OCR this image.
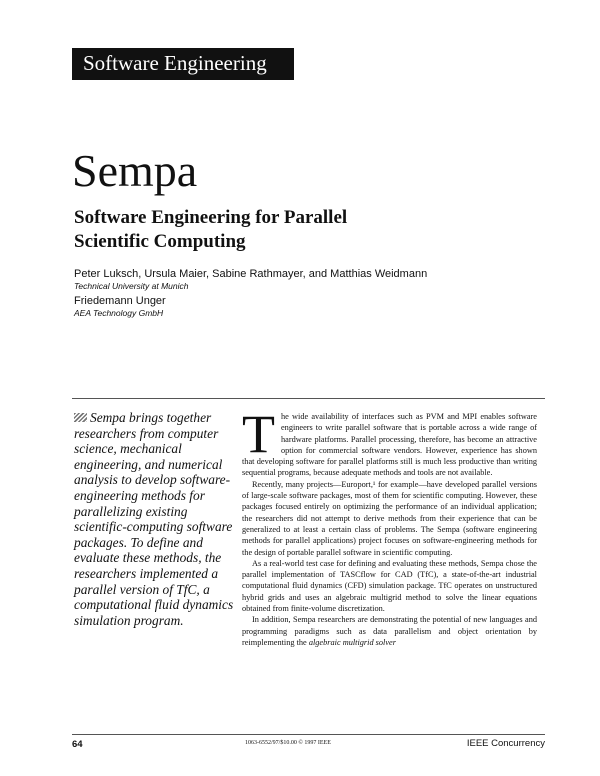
Software Engineering
Sempa
Software Engineering for Parallel Scientific Computing
Peter Luksch, Ursula Maier, Sabine Rathmayer, and Matthias Weidmann
Technical University at Munich
Friedemann Unger
AEA Technology GmbH
Sempa brings together researchers from computer science, mechanical engineering, and numerical analysis to develop software-engineering methods for parallelizing existing scientific-computing software packages. To define and evaluate these methods, the researchers implemented a parallel version of TfC, a computational fluid dynamics simulation program.

The wide availability of interfaces such as PVM and MPI enables software engineers to write parallel software that is portable across a wide range of hardware platforms. Parallel processing, therefore, has become an attractive option for commercial software vendors. However, experience has shown that developing software for parallel platforms still is much less productive than writing sequential programs, because adequate methods and tools are not available.

Recently, many projects—Europort,¹ for example—have developed parallel versions of large-scale software packages, most of them for scientific computing. However, these packages focused entirely on optimizing the performance of an individual application; the researchers did not attempt to derive methods from their experience that can be generalized to at least a certain class of problems. The Sempa (software engineering methods for parallel applications) project focuses on software-engineering methods for the design of portable parallel software in scientific computing.

As a real-world test case for defining and evaluating these methods, Sempa chose the parallel implementation of TASCflow for CAD (TfC), a state-of-the-art industrial computational fluid dynamics (CFD) simulation package. TfC operates on unstructured hybrid grids and uses an algebraic multigrid method to solve the linear equations obtained from finite-volume discretization.

In addition, Sempa researchers are demonstrating the potential of new languages and programming paradigms such as data parallelism and object orientation by reimplementing the algebraic multigrid solver

64	1063-6552/97/$10.00 © 1997 IEEE	IEEE Concurrency
